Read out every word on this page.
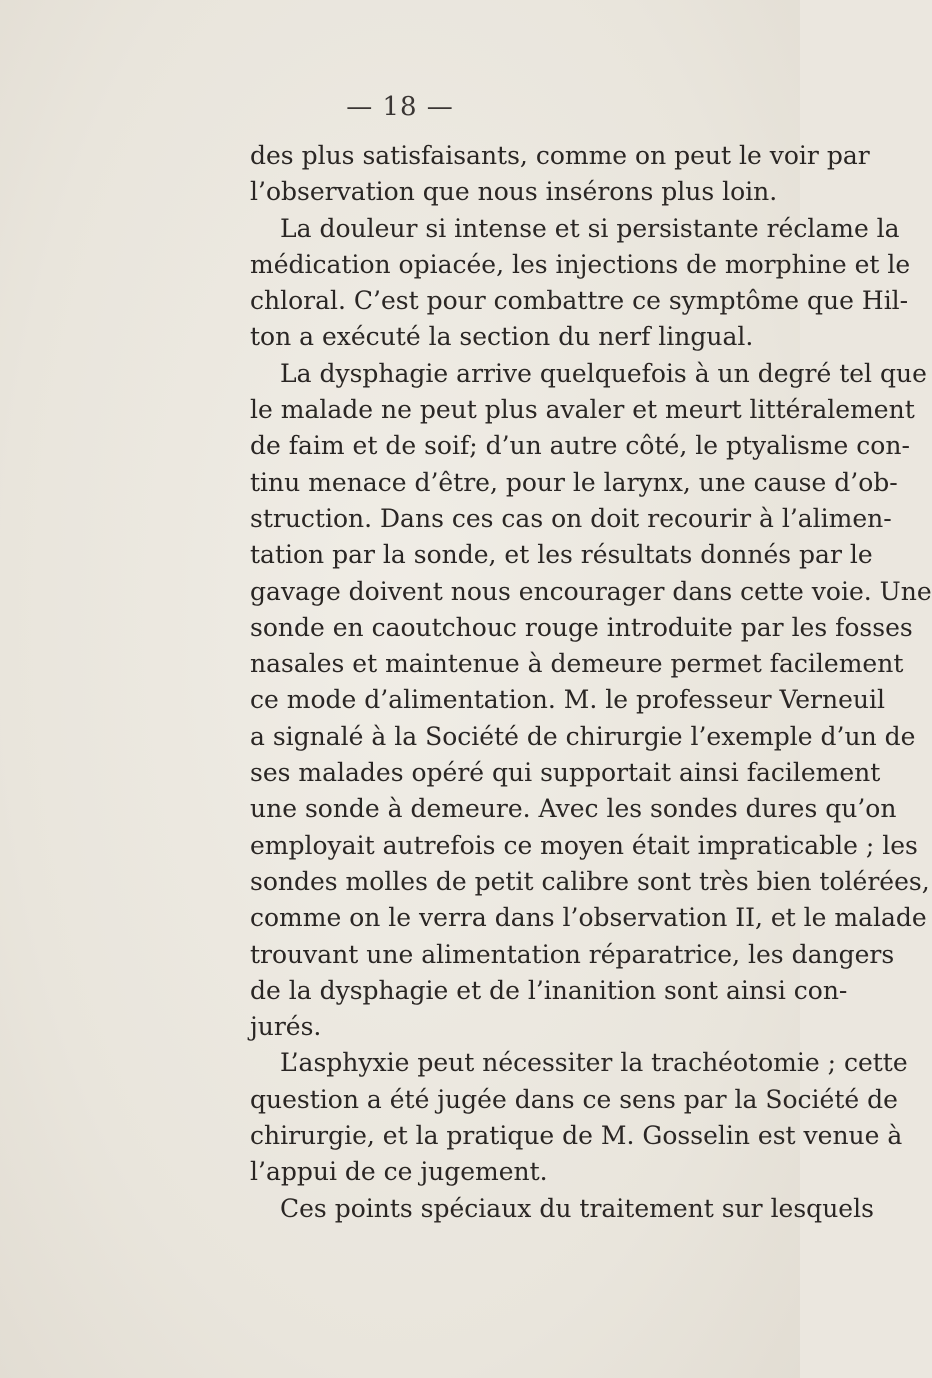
— 18 —
des plus satisfaisants, comme on peut le voir par
l’observation que nous insérons plus loin.
La douleur si intense et si persistante réclame la
médication opiacée, les injections de morphine et le
chloral. C’est pour combattre ce symptôme que Hil-
ton a exécuté la section du nerf lingual.
La dysphagie arrive quelquefois à un degré tel que
le malade ne peut plus avaler et meurt littéralement
de faim et de soif; d’un autre côté, le ptyalisme con-
tinu menace d’être, pour le larynx, une cause d’ob-
struction. Dans ces cas on doit recourir à l’alimen-
tation par la sonde, et les résultats donnés par le
gavage doivent nous encourager dans cette voie. Une
sonde en caoutchouc rouge introduite par les fosses
nasales et maintenue à demeure permet facilement
ce mode d’alimentation. M. le professeur Verneuil
a signalé à la Société de chirurgie l’exemple d’un de
ses malades opéré qui supportait ainsi facilement
une sonde à demeure. Avec les sondes dures qu’on
employait autrefois ce moyen était impraticable ; les
sondes molles de petit calibre sont très bien tolérées,
comme on le verra dans l’observation II, et le malade
trouvant une alimentation réparatrice, les dangers
de la dysphagie et de l’inanition sont ainsi con-
jurés.
L’asphyxie peut nécessiter la trachéotomie ; cette
question a été jugée dans ce sens par la Société de
chirurgie, et la pratique de M. Gosselin est venue à
l’appui de ce jugement.
Ces points spéciaux du traitement sur lesquels
